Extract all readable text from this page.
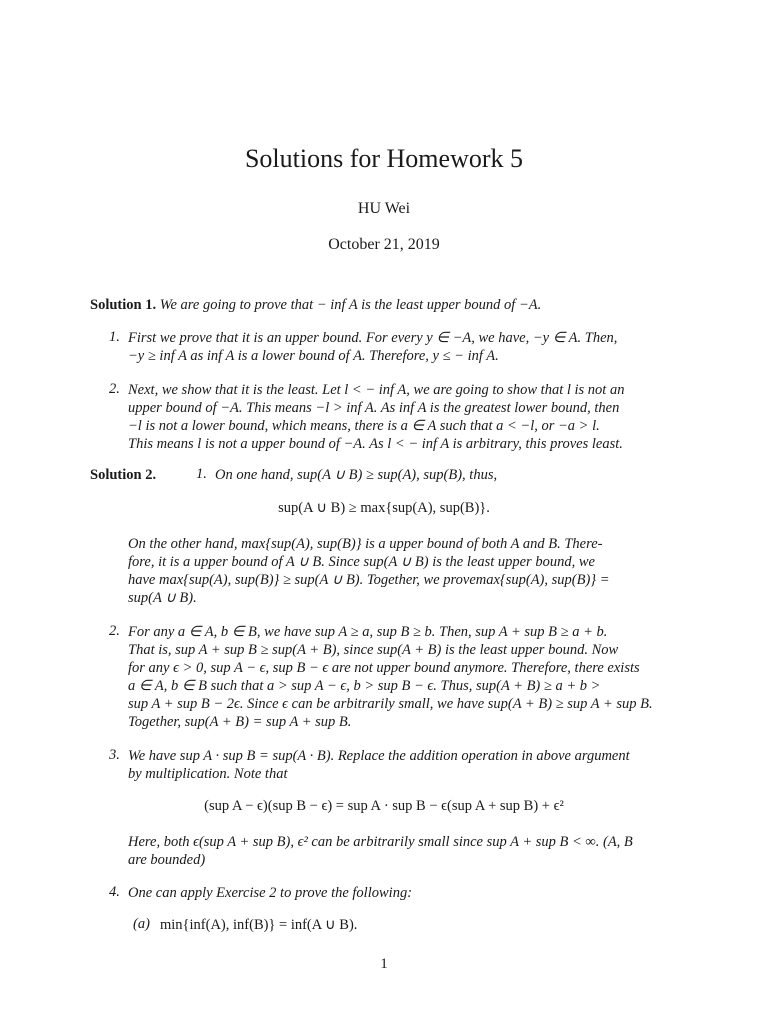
Solutions for Homework 5
HU Wei
October 21, 2019
Solution 1. We are going to prove that − inf A is the least upper bound of −A.
1. First we prove that it is an upper bound. For every y ∈ −A, we have, −y ∈ A. Then,
−y ≥ inf A as inf A is a lower bound of A. Therefore, y ≤ − inf A.
2. Next, we show that it is the least. Let l < − inf A, we are going to show that l is not an
upper bound of −A. This means −l > inf A. As inf A is the greatest lower bound, then
−l is not a lower bound, which means, there is a ∈ A such that a < −l, or −a > l.
This means l is not a upper bound of −A. As l < − inf A is arbitrary, this proves least.
Solution 2.	1. On one hand, sup(A ∪ B) ≥ sup(A), sup(B), thus,
sup(A ∪ B) ≥ max{sup(A), sup(B)}.
On the other hand, max{sup(A), sup(B)} is a upper bound of both A and B. There-
fore, it is a upper bound of A ∪ B. Since sup(A ∪ B) is the least upper bound, we
have max{sup(A), sup(B)} ≥ sup(A ∪ B). Together, we provemax{sup(A), sup(B)} =
sup(A ∪ B).
2. For any a ∈ A, b ∈ B, we have sup A ≥ a, sup B ≥ b. Then, sup A + sup B ≥ a + b.
That is, sup A + sup B ≥ sup(A + B), since sup(A + B) is the least upper bound. Now
for any ϵ > 0, sup A − ϵ, sup B − ϵ are not upper bound anymore. Therefore, there exists
a ∈ A, b ∈ B such that a > sup A − ϵ, b > sup B − ϵ. Thus, sup(A + B) ≥ a + b >
sup A + sup B − 2ϵ. Since ϵ can be arbitrarily small, we have sup(A + B) ≥ sup A + sup B.
Together, sup(A + B) = sup A + sup B.
3. We have sup A · sup B = sup(A · B). Replace the addition operation in above argument
by multiplication. Note that
(sup A − ϵ)(sup B − ϵ) = sup A · sup B − ϵ(sup A + sup B) + ϵ²
Here, both ϵ(sup A + sup B), ϵ² can be arbitrarily small since sup A + sup B < ∞. (A, B
are bounded)
4. One can apply Exercise 2 to prove the following:
(a) min{inf(A), inf(B)} = inf(A ∪ B).
1
